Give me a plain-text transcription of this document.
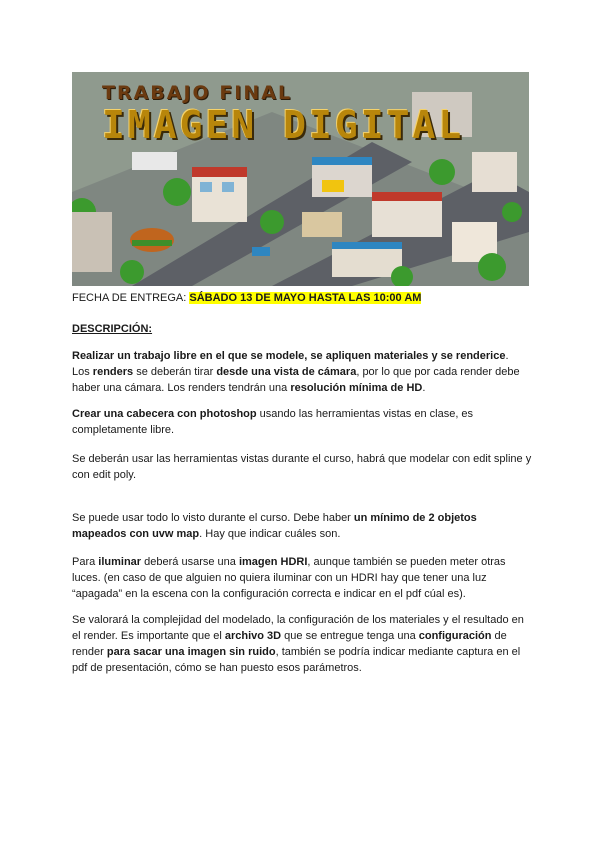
TRABAJO FINAL
IMAGEN DIGITAL
FECHA DE ENTREGA: SÁBADO 13 DE MAYO HASTA LAS 10:00 AM
DESCRIPCIÓN:

Realizar un trabajo libre en el que se modele, se apliquen materiales y se renderice.
Los renders se deberán tirar desde una vista de cámara, por lo que por cada render debe haber una cámara. Los renders tendrán una resolución mínima de HD.

Crear una cabecera con photoshop usando las herramientas vistas en clase, es completamente libre.

Se deberán usar las herramientas vistas durante el curso, habrá que modelar con edit spline y con edit poly.

Se puede usar todo lo visto durante el curso. Debe haber un mínimo de 2 objetos mapeados con uvw map. Hay que indicar cuáles son.

Para iluminar deberá usarse una imagen HDRI, aunque también se pueden meter otras luces. (en caso de que alguien no quiera iluminar con un HDRI hay que tener una luz “apagada” en la escena con la configuración correcta e indicar en el pdf cúal es).

Se valorará la complejidad del modelado, la configuración de los materiales y el resultado en el render. Es importante que el archivo 3D que se entregue tenga una configuración de render para sacar una imagen sin ruido, también se podría indicar mediante captura en el pdf de presentación, cómo se han puesto esos parámetros.
